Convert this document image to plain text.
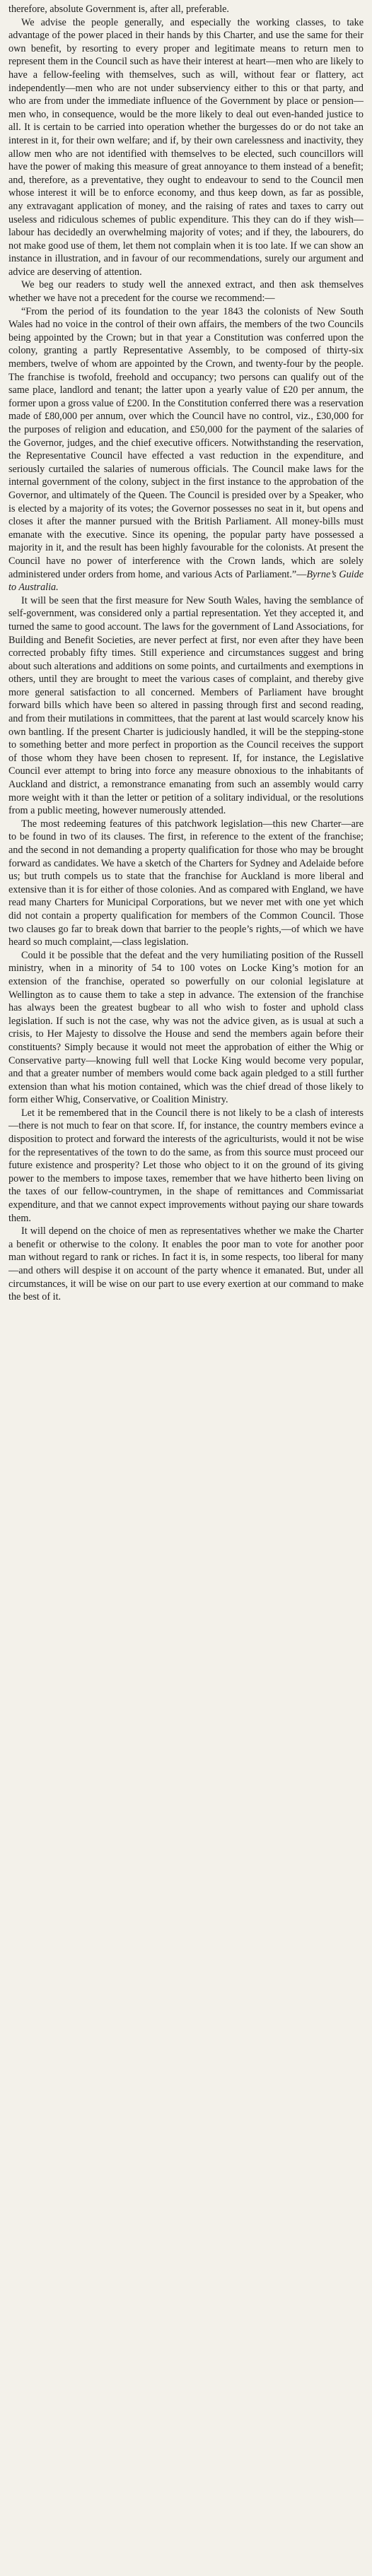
therefore, absolute Government is, after all, preferable.

We advise the people generally, and especially the working classes, to take advantage of the power placed in their hands by this Charter, and use the same for their own benefit, by resorting to every proper and legitimate means to return men to represent them in the Council such as have their interest at heart—men who are likely to have a fellow-feeling with themselves, such as will, without fear or flattery, act independently—men who are not under subserviency either to this or that party, and who are from under the immediate influence of the Government by place or pension—men who, in consequence, would be the more likely to deal out even-handed justice to all. It is certain to be carried into operation whether the burgesses do or do not take an interest in it, for their own welfare; and if, by their own carelessness and inactivity, they allow men who are not identified with themselves to be elected, such councillors will have the power of making this measure of great annoyance to them instead of a benefit; and, therefore, as a preventative, they ought to endeavour to send to the Council men whose interest it will be to enforce economy, and thus keep down, as far as possible, any extravagant application of money, and the raising of rates and taxes to carry out useless and ridiculous schemes of public expenditure. This they can do if they wish—labour has decidedly an overwhelming majority of votes; and if they, the labourers, do not make good use of them, let them not complain when it is too late. If we can show an instance in illustration, and in favour of our recommendations, surely our argument and advice are deserving of attention.

We beg our readers to study well the annexed extract, and then ask themselves whether we have not a precedent for the course we recommend:—

“From the period of its foundation to the year 1843 the colonists of New South Wales had no voice in the control of their own affairs, the members of the two Councils being appointed by the Crown; but in that year a Constitution was conferred upon the colony, granting a partly Representative Assembly, to be composed of thirty-six members, twelve of whom are appointed by the Crown, and twenty-four by the people. The franchise is twofold, freehold and occupancy; two persons can qualify out of the same place, landlord and tenant; the latter upon a yearly value of £20 per annum, the former upon a gross value of £200. In the Constitution conferred there was a reservation made of £80,000 per annum, over which the Council have no control, viz., £30,000 for the purposes of religion and education, and £50,000 for the payment of the salaries of the Governor, judges, and the chief executive officers. Notwithstanding the reservation, the Representative Council have effected a vast reduction in the expenditure, and seriously curtailed the salaries of numerous officials. The Council make laws for the internal government of the colony, subject in the first instance to the approbation of the Governor, and ultimately of the Queen. The Council is presided over by a Speaker, who is elected by a majority of its votes; the Governor possesses no seat in it, but opens and closes it after the manner pursued with the British Parliament. All money-bills must emanate with the executive. Since its opening, the popular party have possessed a majority in it, and the result has been highly favourable for the colonists. At present the Council have no power of interference with the Crown lands, which are solely administered under orders from home, and various Acts of Parliament.”—Byrne’s Guide to Australia.

It will be seen that the first measure for New South Wales, having the semblance of self-government, was considered only a partial representation. Yet they accepted it, and turned the same to good account. The laws for the government of Land Associations, for Building and Benefit Societies, are never perfect at first, nor even after they have been corrected probably fifty times. Still experience and circumstances suggest and bring about such alterations and additions on some points, and curtailments and exemptions in others, until they are brought to meet the various cases of complaint, and thereby give more general satisfaction to all concerned. Members of Parliament have brought forward bills which have been so altered in passing through first and second reading, and from their mutilations in committees, that the parent at last would scarcely know his own bantling. If the present Charter is judiciously handled, it will be the stepping-stone to something better and more perfect in proportion as the Council receives the support of those whom they have been chosen to represent. If, for instance, the Legislative Council ever attempt to bring into force any measure obnoxious to the inhabitants of Auckland and district, a remonstrance emanating from such an assembly would carry more weight with it than the letter or petition of a solitary individual, or the resolutions from a public meeting, however numerously attended.

The most redeeming features of this patchwork legislation—this new Charter—are to be found in two of its clauses. The first, in reference to the extent of the franchise; and the second in not demanding a property qualification for those who may be brought forward as candidates. We have a sketch of the Charters for Sydney and Adelaide before us; but truth compels us to state that the franchise for Auckland is more liberal and extensive than it is for either of those colonies. And as compared with England, we have read many Charters for Municipal Corporations, but we never met with one yet which did not contain a property qualification for members of the Common Council. Those two clauses go far to break down that barrier to the people’s rights,—of which we have heard so much complaint,—class legislation.

Could it be possible that the defeat and the very humiliating position of the Russell ministry, when in a minority of 54 to 100 votes on Locke King’s motion for an extension of the franchise, operated so powerfully on our colonial legislature at Wellington as to cause them to take a step in advance. The extension of the franchise has always been the greatest bugbear to all who wish to foster and uphold class legislation. If such is not the case, why was not the advice given, as is usual at such a crisis, to Her Majesty to dissolve the House and send the members again before their constituents? Simply because it would not meet the approbation of either the Whig or Conservative party—knowing full well that Locke King would become very popular, and that a greater number of members would come back again pledged to a still further extension than what his motion contained, which was the chief dread of those likely to form either Whig, Conservative, or Coalition Ministry.

Let it be remembered that in the Council there is not likely to be a clash of interests—there is not much to fear on that score. If, for instance, the country members evince a disposition to protect and forward the interests of the agriculturists, would it not be wise for the representatives of the town to do the same, as from this source must proceed our future existence and prosperity? Let those who object to it on the ground of its giving power to the members to impose taxes, remember that we have hitherto been living on the taxes of our fellow-countrymen, in the shape of remittances and Commissariat expenditure, and that we cannot expect improvements without paying our share towards them.

It will depend on the choice of men as representatives whether we make the Charter a benefit or otherwise to the colony. It enables the poor man to vote for another poor man without regard to rank or riches. In fact it is, in some respects, too liberal for many—and others will despise it on account of the party whence it emanated. But, under all circumstances, it will be wise on our part to use every exertion at our command to make the best of it.
